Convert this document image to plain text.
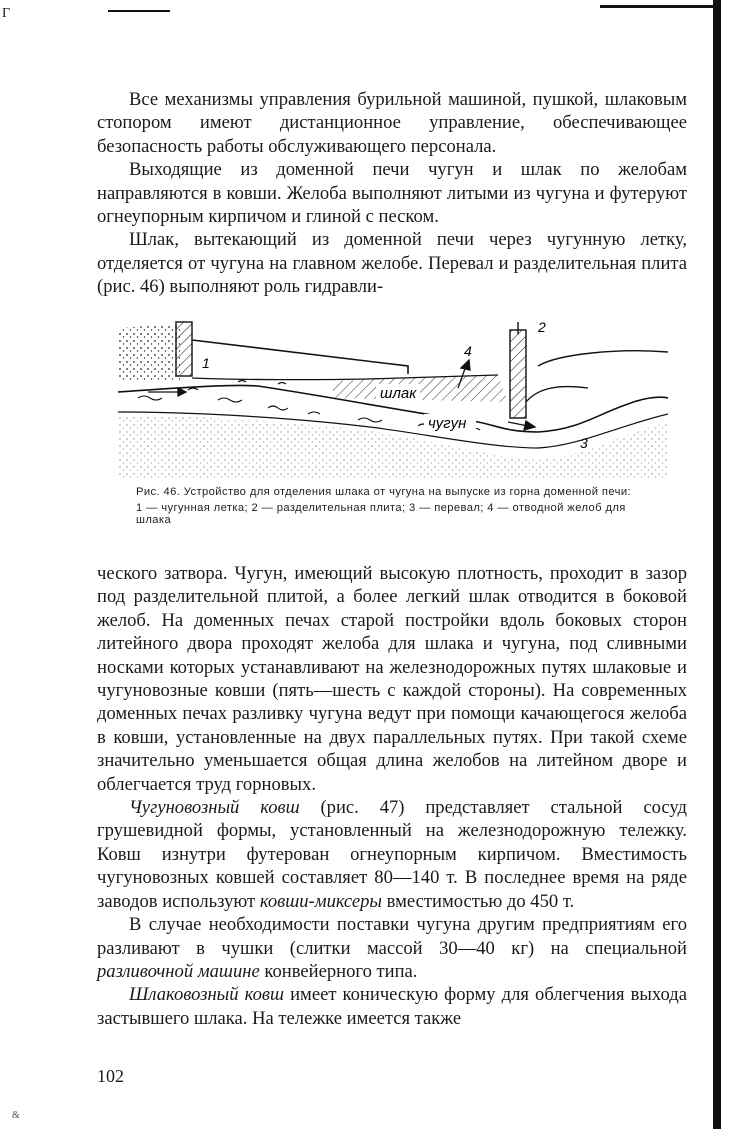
Г
&

Все механизмы управления бурильной машиной, пушкой, шлаковым стопором имеют дистанционное управление, обеспечивающее безопасность работы обслуживающего персонала.

Выходящие из доменной печи чугун и шлак по желобам направляются в ковши. Желоба выполняют литыми из чугуна и футеруют огнеупорным кирпичом и глиной с песком.

Шлак, вытекающий из доменной печи через чугунную летку, отделяется от чугуна на главном желобе. Перевал и разделительная плита (рис. 46) выполняют роль гидравли-

1
2
3
4
шлак
чугун
Рис. 46. Устройство для отделения шлака от чугуна на выпуске из горна доменной печи:
1 — чугунная летка; 2 — разделительная плита; 3 — перевал; 4 — отводной желоб для шлака

ческого затвора. Чугун, имеющий высокую плотность, проходит в зазор под разделительной плитой, а более легкий шлак отводится в боковой желоб. На доменных печах старой постройки вдоль боковых сторон литейного двора проходят желоба для шлака и чугуна, под сливными носками которых устанавливают на железнодорожных путях шлаковые и чугуновозные ковши (пять—шесть с каждой стороны). На современных доменных печах разливку чугуна ведут при помощи качающегося желоба в ковши, установленные на двух параллельных путях. При такой схеме значительно уменьшается общая длина желобов на литейном дворе и облегчается труд горновых.

Чугуновозный ковш (рис. 47) представляет стальной сосуд грушевидной формы, установленный на железнодорожную тележку. Ковш изнутри футерован огнеупорным кирпичом. Вместимость чугуновозных ковшей составляет 80—140 т. В последнее время на ряде заводов используют ковши-миксеры вместимостью до 450 т.

В случае необходимости поставки чугуна другим предприятиям его разливают в чушки (слитки массой 30—40 кг) на специальной разливочной машине конвейерного типа.

Шлаковозный ковш имеет коническую форму для облегчения выхода застывшего шлака. На тележке имеется также

102
